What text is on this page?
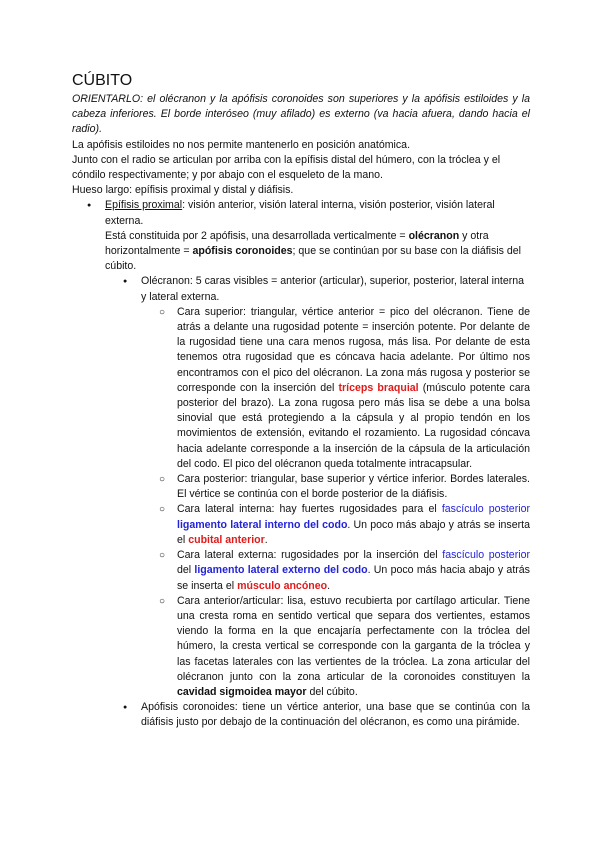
CÚBITO

ORIENTARLO: el olécranon y la apófisis coronoides son superiores y la apófisis estiloides y la cabeza inferiores. El borde interóseo (muy afilado) es externo (va hacia afuera, dando hacia el radio).

La apófisis estiloides no nos permite mantenerlo en posición anatómica.

Junto con el radio se articulan por arriba con la epífisis distal del húmero, con la tróclea y el cóndilo respectivamente; y por abajo con el esqueleto de la mano.

Hueso largo: epífisis proximal y distal y diáfisis.

● Epífisis proximal: visión anterior, visión lateral interna, visión posterior, visión lateral externa.

Está constituida por 2 apófisis, una desarrollada verticalmente = olécranon y otra horizontalmente = apófisis coronoides; que se continúan por su base con la diáfisis del cúbito.

● Olécranon: 5 caras visibles = anterior (articular), superior, posterior, lateral interna y lateral externa.

○ Cara superior: triangular, vértice anterior = pico del olécranon. Tiene de atrás a delante una rugosidad potente = inserción potente. Por delante de la rugosidad tiene una cara menos rugosa, más lisa. Por delante de esta tenemos otra rugosidad que es cóncava hacia adelante. Por último nos encontramos con el pico del olécranon. La zona más rugosa y posterior se corresponde con la inserción del tríceps braquial (músculo potente cara posterior del brazo). La zona rugosa pero más lisa se debe a una bolsa sinovial que está protegiendo a la cápsula y al propio tendón en los movimientos de extensión, evitando el rozamiento. La rugosidad cóncava hacia adelante corresponde a la inserción de la cápsula de la articulación del codo. El pico del olécranon queda totalmente intracapsular.

○ Cara posterior: triangular, base superior y vértice inferior. Bordes laterales. El vértice se continúa con el borde posterior de la diáfisis.

○ Cara lateral interna: hay fuertes rugosidades para el fascículo posterior ligamento lateral interno del codo. Un poco más abajo y atrás se inserta el cubital anterior.

○ Cara lateral externa: rugosidades por la inserción del fascículo posterior del ligamento lateral externo del codo. Un poco más hacia abajo y atrás se inserta el músculo ancóneo.

○ Cara anterior/articular: lisa, estuvo recubierta por cartílago articular. Tiene una cresta roma en sentido vertical que separa dos vertientes, estamos viendo la forma en la que encajaría perfectamente con la tróclea del húmero, la cresta vertical se corresponde con la garganta de la tróclea y las facetas laterales con las vertientes de la tróclea. La zona articular del olécranon junto con la zona articular de la coronoides constituyen la cavidad sigmoidea mayor del cúbito.

● Apófisis coronoides: tiene un vértice anterior, una base que se continúa con la diáfisis justo por debajo de la continuación del olécranon, es como una pirámide.
